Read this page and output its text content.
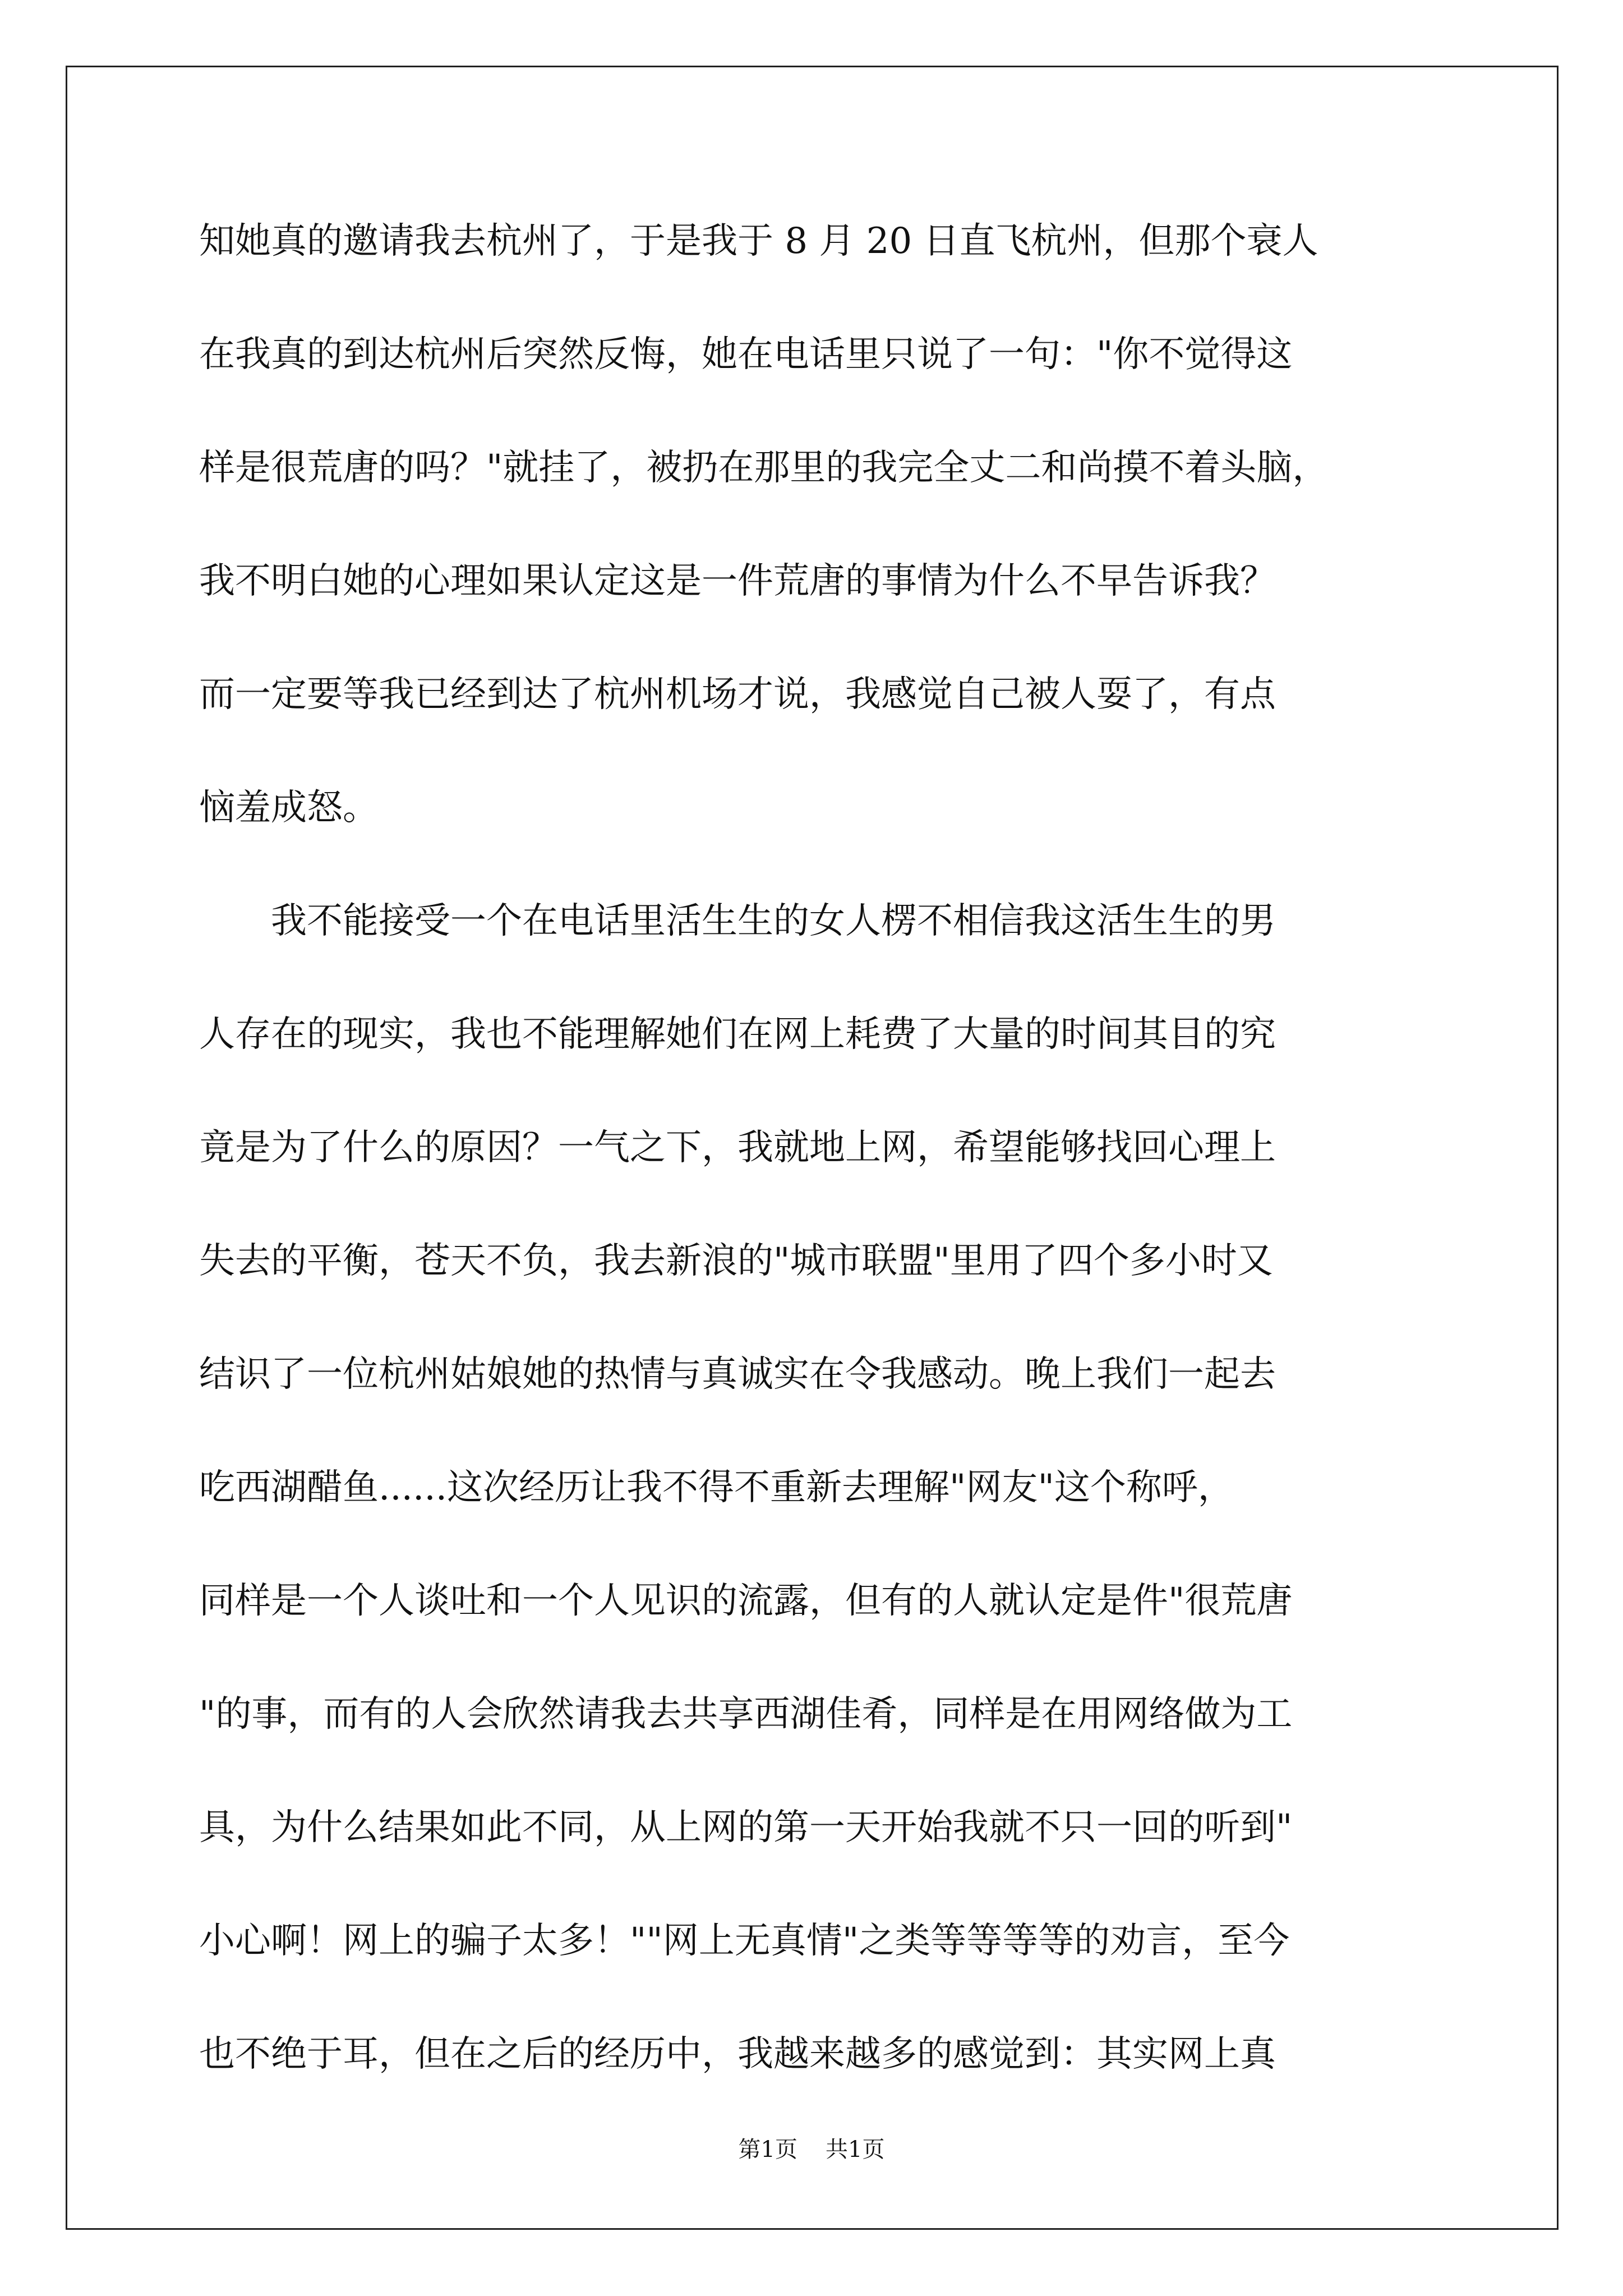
知她真的邀请我去杭州了，于是我于 8 月 20 日直飞杭州，但那个衰人
在我真的到达杭州后突然反悔，她在电话里只说了一句："你不觉得这
样是很荒唐的吗？"就挂了，被扔在那里的我完全丈二和尚摸不着头脑，
我不明白她的心理如果认定这是一件荒唐的事情为什么不早告诉我？
而一定要等我已经到达了杭州机场才说，我感觉自己被人耍了，有点
恼羞成怒。
　　我不能接受一个在电话里活生生的女人楞不相信我这活生生的男
人存在的现实，我也不能理解她们在网上耗费了大量的时间其目的究
竟是为了什么的原因？一气之下，我就地上网，希望能够找回心理上
失去的平衡，苍天不负，我去新浪的"城市联盟"里用了四个多小时又
结识了一位杭州姑娘她的热情与真诚实在令我感动。晚上我们一起去
吃西湖醋鱼......这次经历让我不得不重新去理解"网友"这个称呼，
同样是一个人谈吐和一个人见识的流露，但有的人就认定是件"很荒唐
"的事，而有的人会欣然请我去共享西湖佳肴，同样是在用网络做为工
具，为什么结果如此不同，从上网的第一天开始我就不只一回的听到"
小心啊！网上的骗子太多！""网上无真情"之类等等等等的劝言，至今
也不绝于耳，但在之后的经历中，我越来越多的感觉到：其实网上真
第1页 共1页
